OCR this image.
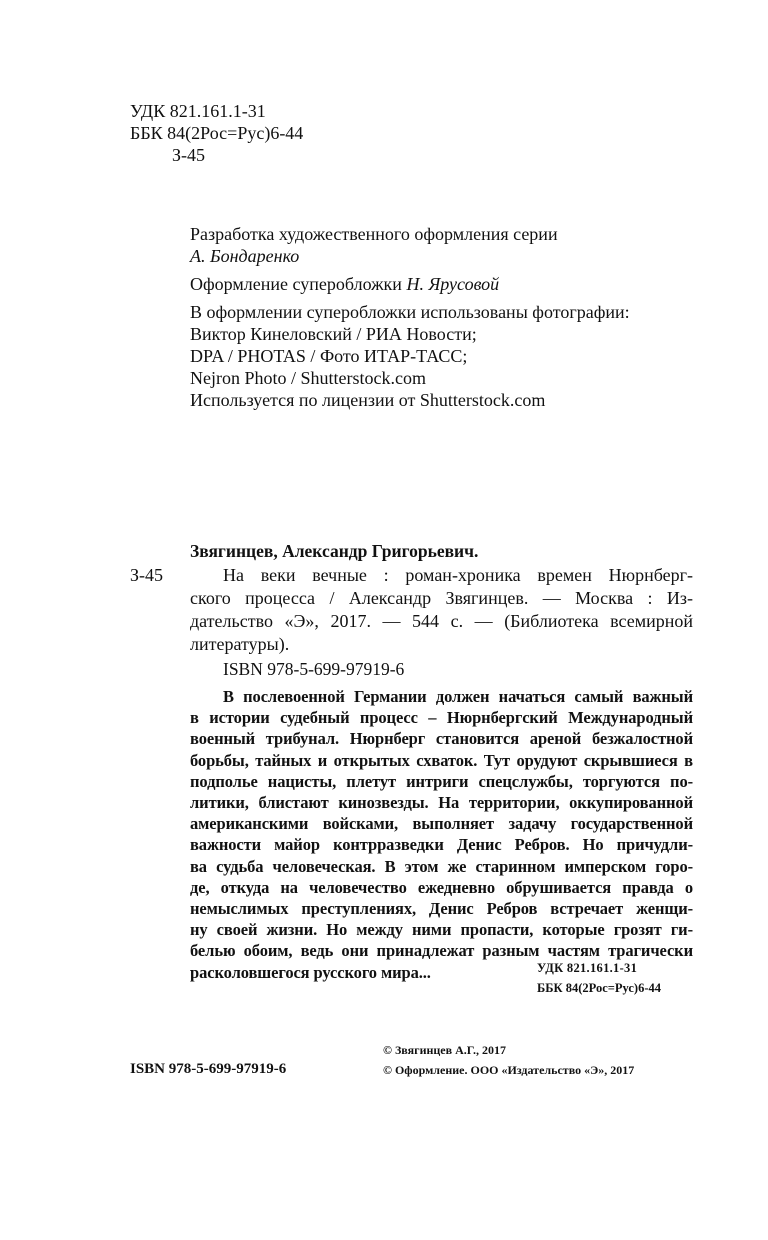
УДК 821.161.1-31
ББК 84(2Рос=Рус)6-44
З-45
Разработка художественного оформления серии
А. Бондаренко
Оформление суперобложки Н. Ярусовой
В оформлении суперобложки использованы фотографии:
Виктор Кинеловский / РИА Новости;
DPA / PHOTAS / Фото ИТАР-ТАСС;
Nejron Photo / Shutterstock.com
Используется по лицензии от Shutterstock.com
Звягинцев, Александр Григорьевич.
З-45	На веки вечные : роман-хроника времен Нюрнберг-
ского процесса / Александр Звягинцев. — Москва : Из-
дательство «Э», 2017. — 544 с. — (Библиотека всемирной
литературы).
ISBN 978-5-699-97919-6
В послевоенной Германии должен начаться самый важный
в истории судебный процесс – Нюрнбергский Международный
военный трибунал. Нюрнберг становится ареной безжалостной
борьбы, тайных и открытых схваток. Тут орудуют скрывшиеся в
подполье нацисты, плетут интриги спецслужбы, торгуются по-
литики, блистают кинозвезды. На территории, оккупированной
американскими войсками, выполняет задачу государственной
важности майор контрразведки Денис Ребров. Но причудли-
ва судьба человеческая. В этом же старинном имперском горо-
де, откуда на человечество ежедневно обрушивается правда о
немыслимых преступлениях, Денис Ребров встречает женщи-
ну своей жизни. Но между ними пропасти, которые грозят ги-
белью обоим, ведь они принадлежат разным частям трагически
расколовшегося русского мира...	УДК 821.161.1-31
ББК 84(2Рос=Рус)6-44
ISBN 978-5-699-97919-6
© Звягинцев А.Г., 2017
© Оформление. ООО «Издательство «Э», 2017
